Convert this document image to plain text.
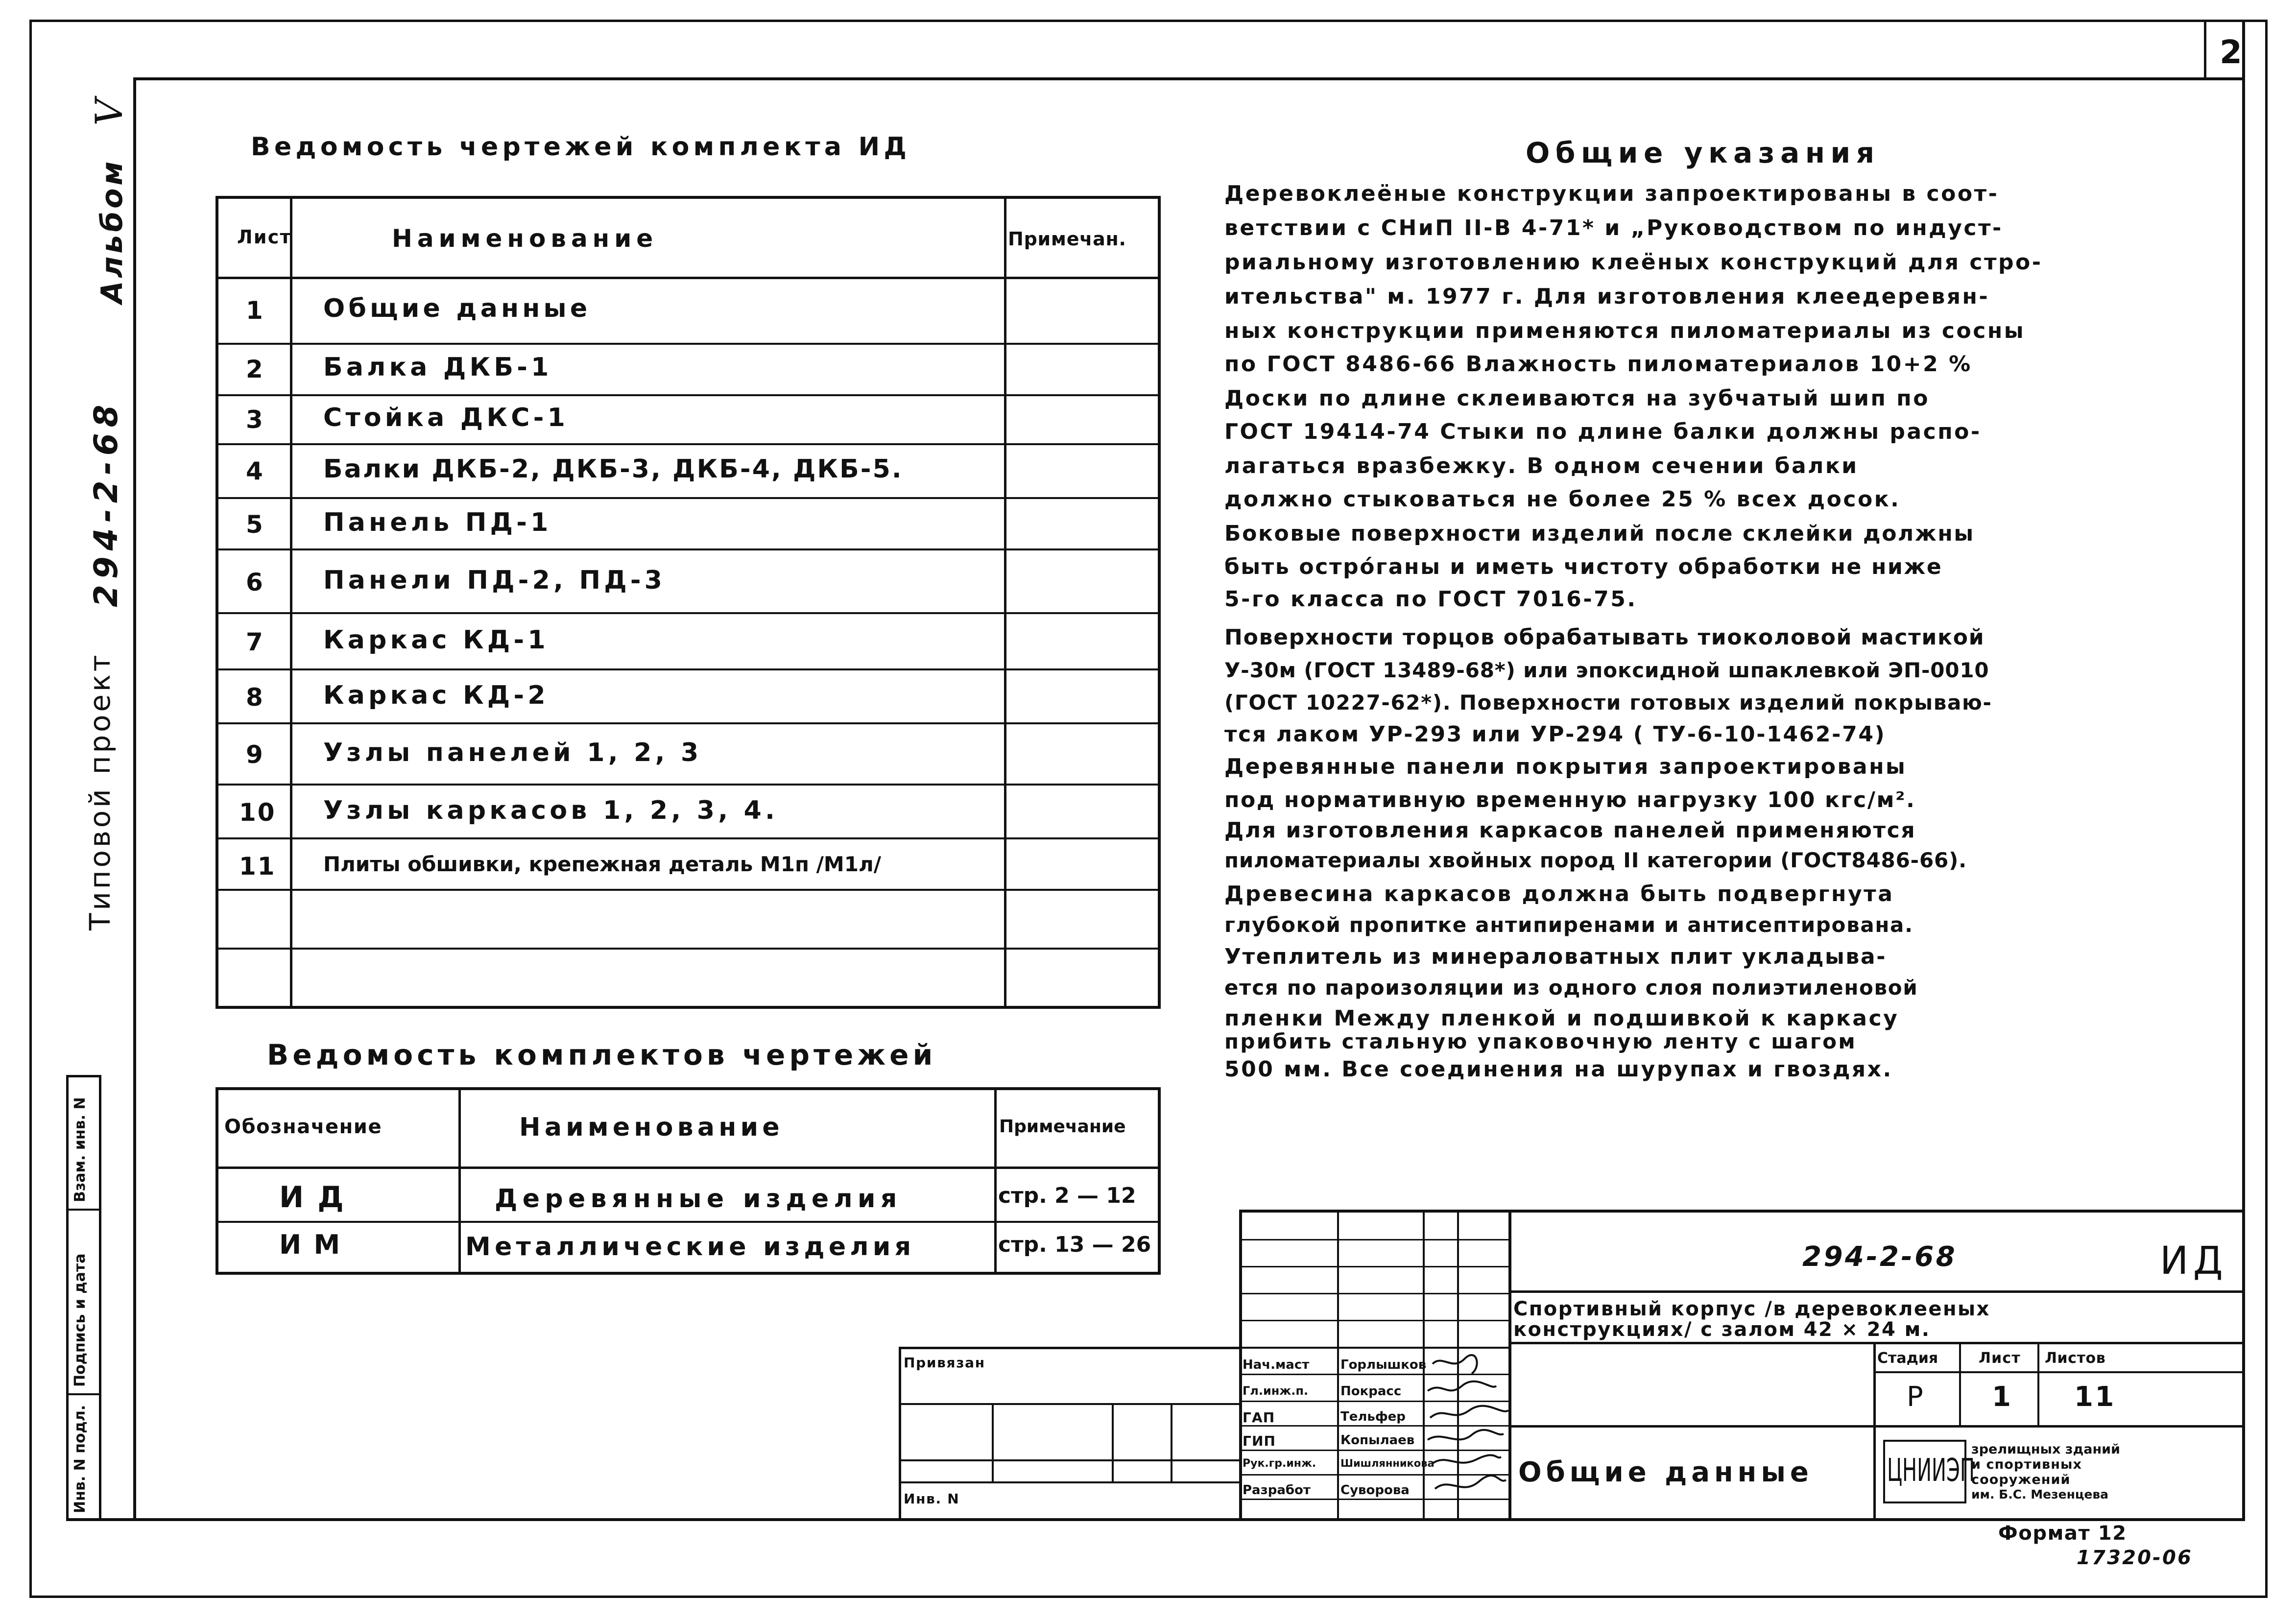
2
Альбом V
294-2-68
Типовой проект
Инв. N подл.
Подпись и дата
Взам. инв. N
Ведомость чертежей комплекта ИД
Лист	Наименование	Примечан.
1 Общие данные
2 Балка ДКБ-1
3 Стойка ДКС-1
4 Балки ДКБ-2, ДКБ-3, ДКБ-4, ДКБ-5.
5 Панель ПД-1
6 Панели ПД-2, ПД-3
7 Каркас КД-1
8 Каркас КД-2
9 Узлы панелей 1, 2, 3
10 Узлы каркасов 1, 2, 3, 4.
11 Плиты обшивки, крепежная деталь М1п /М1л/
Ведомость комплектов чертежей
Обозначение	Наименование	Примечание
И Д	Деревянные изделия	стр. 2 — 12
И М	Металлические изделия	стр. 13 — 26
Общие указания
Деревоклеёные конструкции запроектированы в соот-
ветствии с СНиП II-В 4-71* и „Руководством по индуст-
риальному изготовлению клеёных конструкций для стро-
ительства" м. 1977 г. Для изготовления клеедеревян-
ных конструкции применяются пиломатериалы из сосны
по ГОСТ 8486-66 Влажность пиломатериалов 10+2 %
Доски по длине склеиваются на зубчатый шип по
ГОСТ 19414-74 Стыки по длине балки должны распо-
лагаться вразбежку. В одном сечении балки
должно стыковаться не более 25 % всех досок.
Боковые поверхности изделий после склейки должны
быть острóганы и иметь чистоту обработки не ниже
5-го класса по ГОСТ 7016-75.
Поверхности торцов обрабатывать тиоколовой мастикой
У-30м (ГОСТ 13489-68*) или эпоксидной шпаклевкой ЭП-0010
(ГОСТ 10227-62*). Поверхности готовых изделий покрываю-
тся лаком УР-293 или УР-294 ( ТУ-6-10-1462-74)
Деревянные панели покрытия запроектированы
под нормативную временную нагрузку 100 кгс/м².
Для изготовления каркасов панелей применяются
пиломатериалы хвойных пород II категории (ГОСТ8486-66).
Древесина каркасов должна быть подвергнута
глубокой пропитке антипиренами и антисептирована.
Утеплитель из минераловатных плит укладыва-
ется по пароизоляции из одного слоя полиэтиленовой
пленки Между пленкой и подшивкой к каркасу
прибить стальную упаковочную ленту с шагом
500 мм. Все соединения на шурупах и гвоздях.
Привязан
Инв. N
Нач.маст Горлышков
Гл.инж.п.	Покрасс
ГАП	Тельфер
ГИП	Копылаев
Рук.гр.инж. Шишлянникова
Разработ Суворова
294-2-68	ИД
Спортивный корпус /в деревоклееных
конструкциях/ с залом 42 × 24 м.
Общие данные
Стадия	Лист Листов
Р 1 11
ЦНИИЭП
зрелищных зданий
и спортивных
сооружений
им. Б.С. Мезенцева
Формат 12
17320-06
